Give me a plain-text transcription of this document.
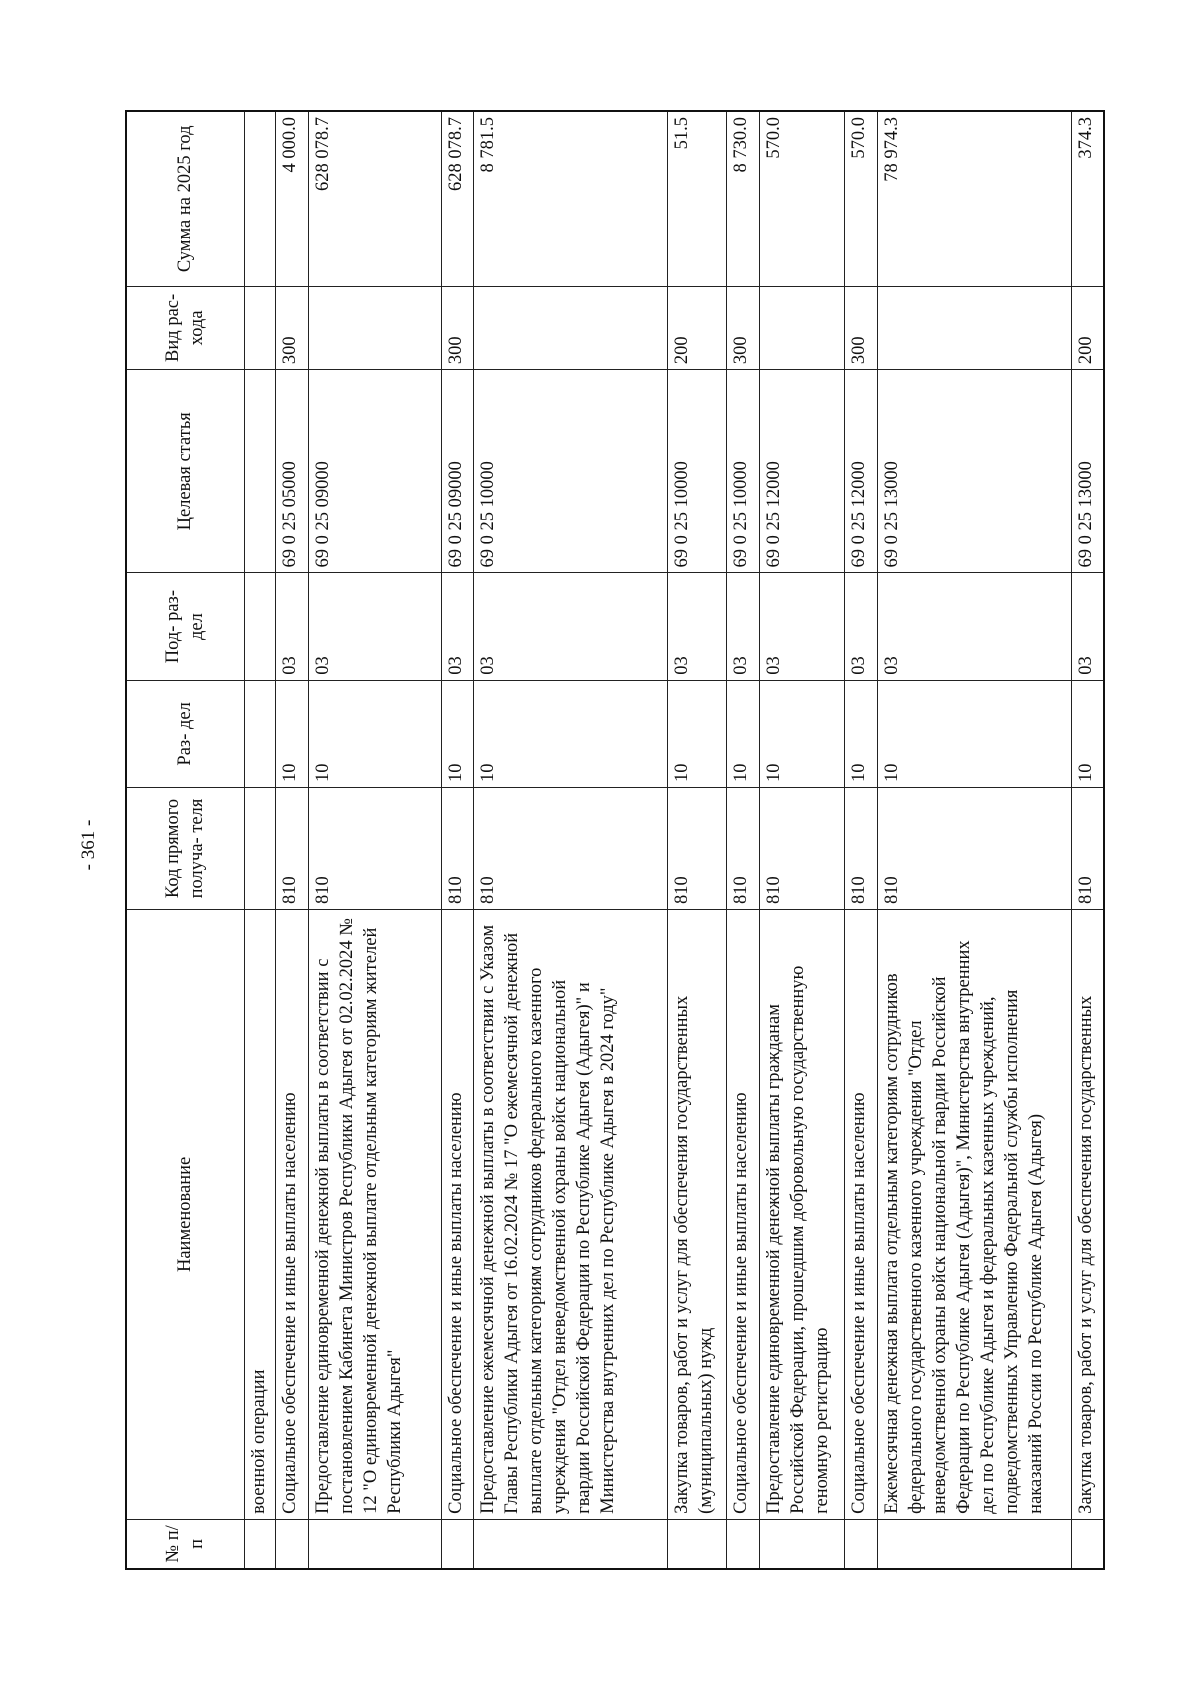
- 361 -
№ п/п	Наименование	Код прямого получа- теля	Раз- дел	Под- раз- дел	Целевая статья	Вид рас- хода	Сумма на 2025 год
	военной операции						
	Социальное обеспечение и иные выплаты населению	810	10	03	69 0 25 05000	300	4 000.0
	Предоставление единовременной денежной выплаты в соответствии с постановлением Кабинета Министров Республики Адыгея от 02.02.2024 № 12 "О единовременной денежной выплате отдельным категориям жителей Республики Адыгея"	810	10	03	69 0 25 09000		628 078.7
	Социальное обеспечение и иные выплаты населению	810	10	03	69 0 25 09000	300	628 078.7
	Предоставление ежемесячной денежной выплаты в соответствии с Указом Главы Республики Адыгея от 16.02.2024 № 17 "О ежемесячной денежной выплате отдельным категориям сотрудников федерального казенного учреждения "Отдел вневедомственной охраны войск национальной гвардии Российской Федерации по Республике Адыгея (Адыгея)" и Министерства внутренних дел по Республике Адыгея в 2024 году"	810	10	03	69 0 25 10000		8 781.5
	Закупка товаров, работ и услуг для обеспечения государственных (муниципальных) нужд	810	10	03	69 0 25 10000	200	51.5
	Социальное обеспечение и иные выплаты населению	810	10	03	69 0 25 10000	300	8 730.0
	Предоставление единовременной денежной выплаты гражданам Российской Федерации, прошедшим добровольную государственную геномную регистрацию	810	10	03	69 0 25 12000		570.0
	Социальное обеспечение и иные выплаты населению	810	10	03	69 0 25 12000	300	570.0
	Ежемесячная денежная выплата отдельным категориям сотрудников федерального государственного казенного учреждения "Отдел вневедомственной охраны войск национальной гвардии Российской Федерации по Республике Адыгея (Адыгея)", Министерства внутренних дел по Республике Адыгея и федеральных казенных учреждений, подведомственных Управлению Федеральной службы исполнения наказаний России по Республике Адыгея (Адыгея)	810	10	03	69 0 25 13000		78 974.3
	Закупка товаров, работ и услуг для обеспечения государственных	810	10	03	69 0 25 13000	200	374.3
